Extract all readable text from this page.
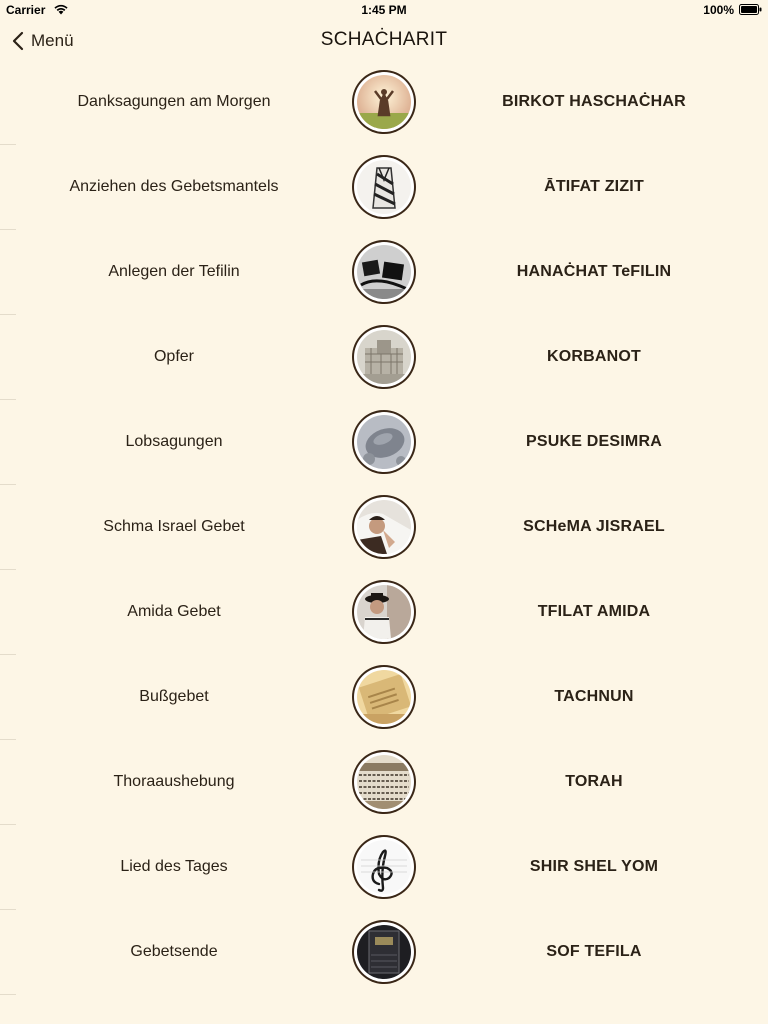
Carrier	1:45 PM	100%
Menü	SCHAĊHARIT
Danksagungen am Morgen	BIRKOT HASCHAĊHAR
Anziehen des Gebetsmantels	ĀTIFAT ZIZIT
Anlegen der Tefilin	HANAĊHAT TeFILIN
Opfer	KORBANOT
Lobsagungen	PSUKE DESIMRA
Schma Israel Gebet	SCHeMA JISRAEL
Amida Gebet	TFILAT AMIDA
Bußgebet	TACHNUN
Thoraaushebung	TORAH
Lied des Tages	SHIR SHEL YOM
Gebetsende	SOF TEFILA
